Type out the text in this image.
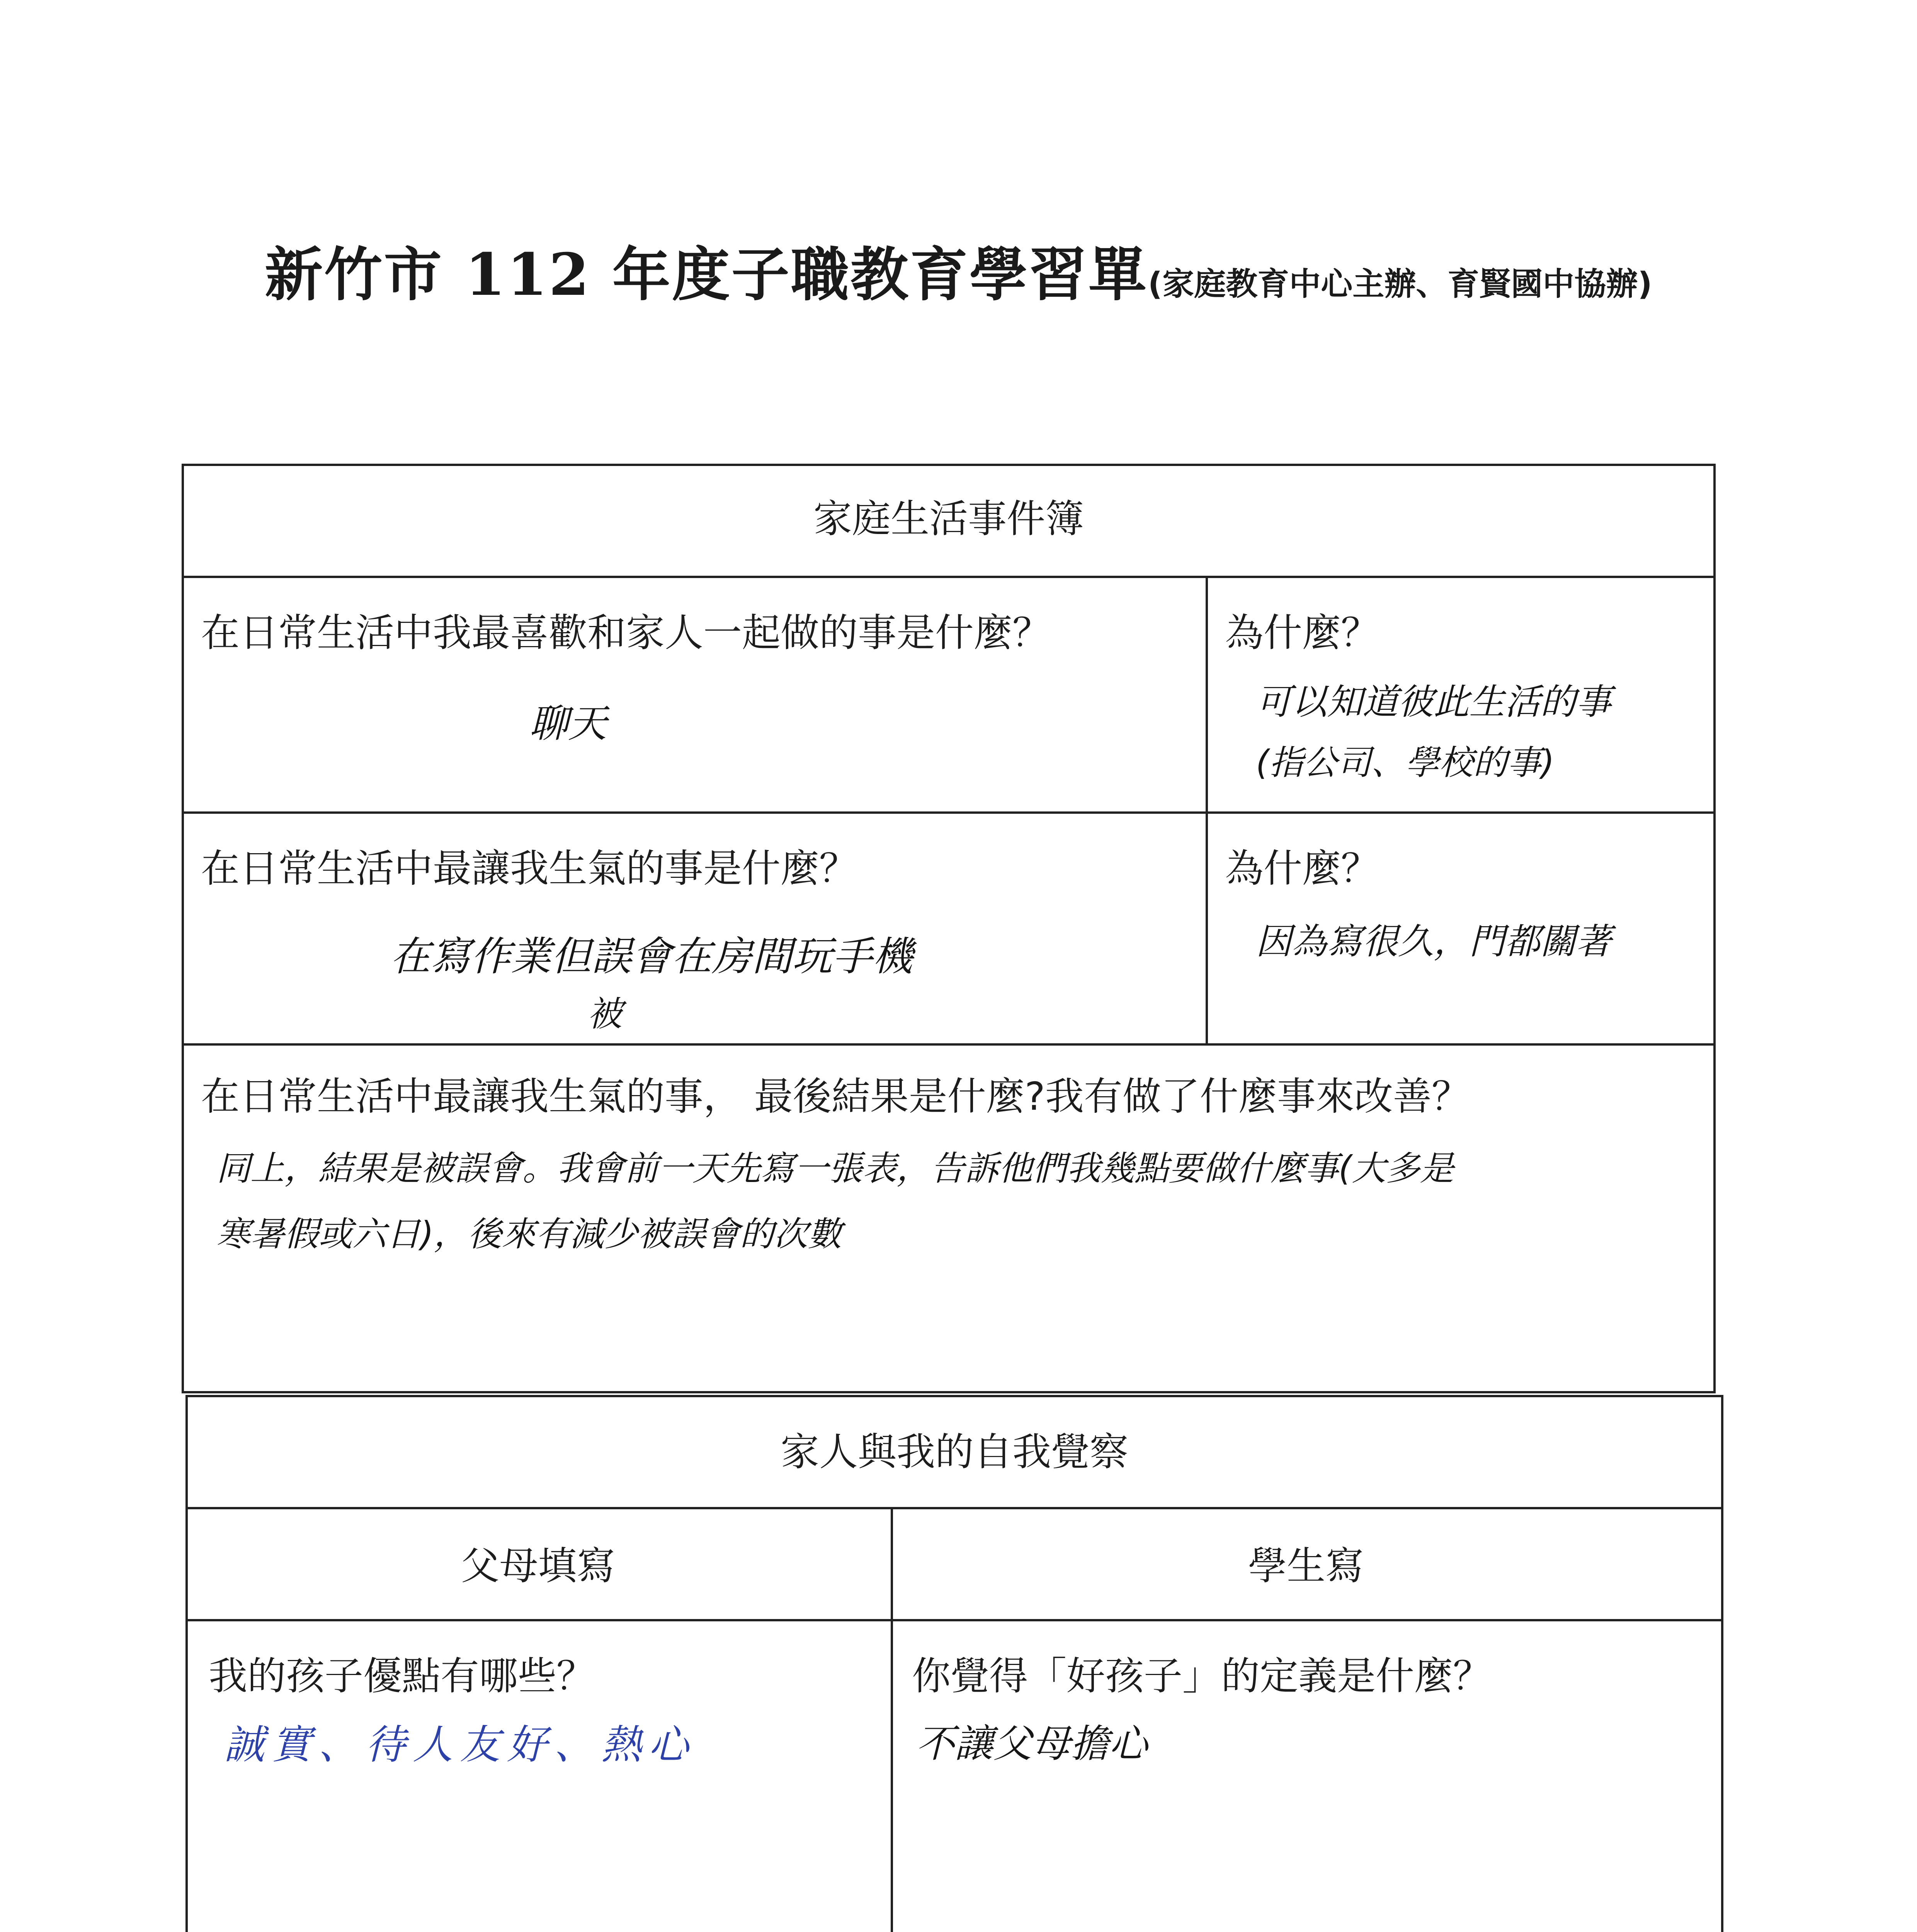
新竹市 112 年度子職教育學習單(家庭教育中心主辦、育賢國中協辦)
家庭生活事件簿
在日常生活中我最喜歡和家人一起做的事是什麼？
聊天
為什麼？
可以知道彼此生活的事
(指公司、學校的事)
在日常生活中最讓我生氣的事是什麼？
在寫作業但誤會在房間玩手機
被
為什麼？
因為寫很久，門都關著
在日常生活中最讓我生氣的事， 最後結果是什麼?我有做了什麼事來改善？
同上，結果是被誤會。我會前一天先寫一張表，告訴他們我幾點要做什麼事(大多是
寒暑假或六日)，後來有減少被誤會的次數
家人與我的自我覺察
父母填寫	學生寫
我的孩子優點有哪些？
誠實、待人友好、熱心
你覺得「好孩子」的定義是什麼？
不讓父母擔心
